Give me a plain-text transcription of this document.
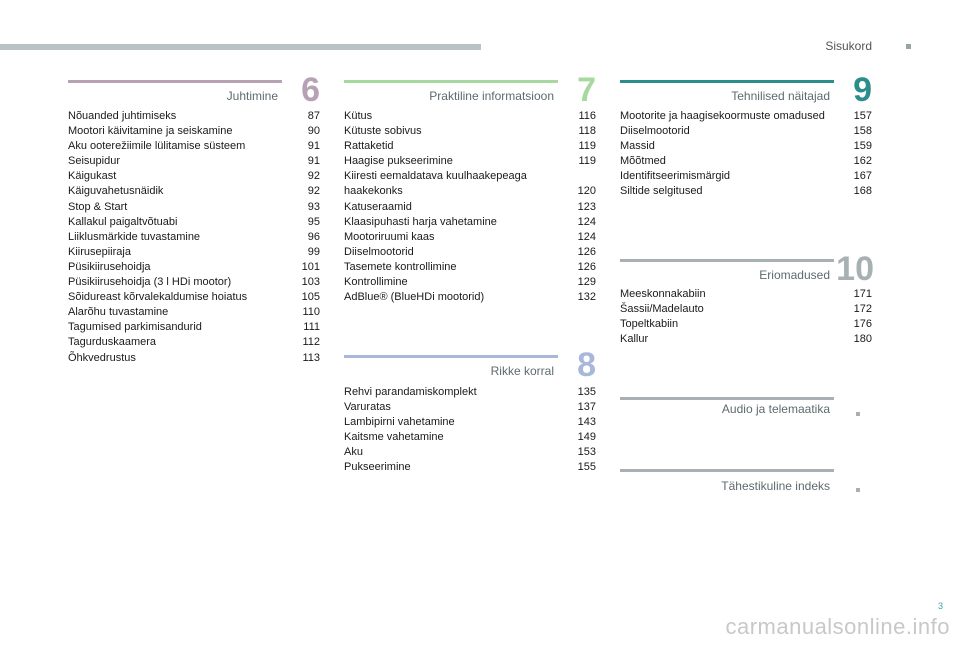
Sisukord
Juhtimine 6
Nõuanded juhtimiseks	87
Mootori käivitamine ja seiskamine	90
Aku ooterežiimile lülitamise süsteem	91
Seisupidur	91
Käigukast	92
Käiguvahetusnäidik	92
Stop & Start	93
Kallakul paigaltvõtuabi	95
Liiklusmärkide tuvastamine	96
Kiirusepiiraja	99
Püsikiirusehoidja	101
Püsikiirusehoidja (3 l HDi mootor)	103
Sõidureast kõrvalekaldumise hoiatus	105
Alarõhu tuvastamine	110
Tagumised parkimisandurid	111
Tagurduskaamera	112
Õhkvedrustus	113
Praktiline informatsioon 7
Kütus	116
Kütuste sobivus	118
Rattaketid	119
Haagise pukseerimine	119
Kiiresti eemaldatava kuulhaakepeaga haakekonks	120
Katuseraamid	123
Klaasipuhasti harja vahetamine	124
Mootoriruumi kaas	124
Diiselmootorid	126
Tasemete kontrollimine	126
Kontrollimine	129
AdBlue® (BlueHDi mootorid)	132
Rikke korral 8
Rehvi parandamiskomplekt	135
Varuratas	137
Lambipirni vahetamine	143
Kaitsme vahetamine	149
Aku	153
Pukseerimine	155
Tehnilised näitajad 9
Mootorite ja haagisekoormuste omadused	157
Diiselmootorid	158
Massid	159
Mõõtmed	162
Identifitseerimismärgid	167
Siltide selgitused	168
Eriomadused 10
Meeskonnakabiin	171
Šassii/Madelauto	172
Topeltkabiin	176
Kallur	180
Audio ja telemaatika
Tähestikuline indeks
3
carmanualsonline.info
